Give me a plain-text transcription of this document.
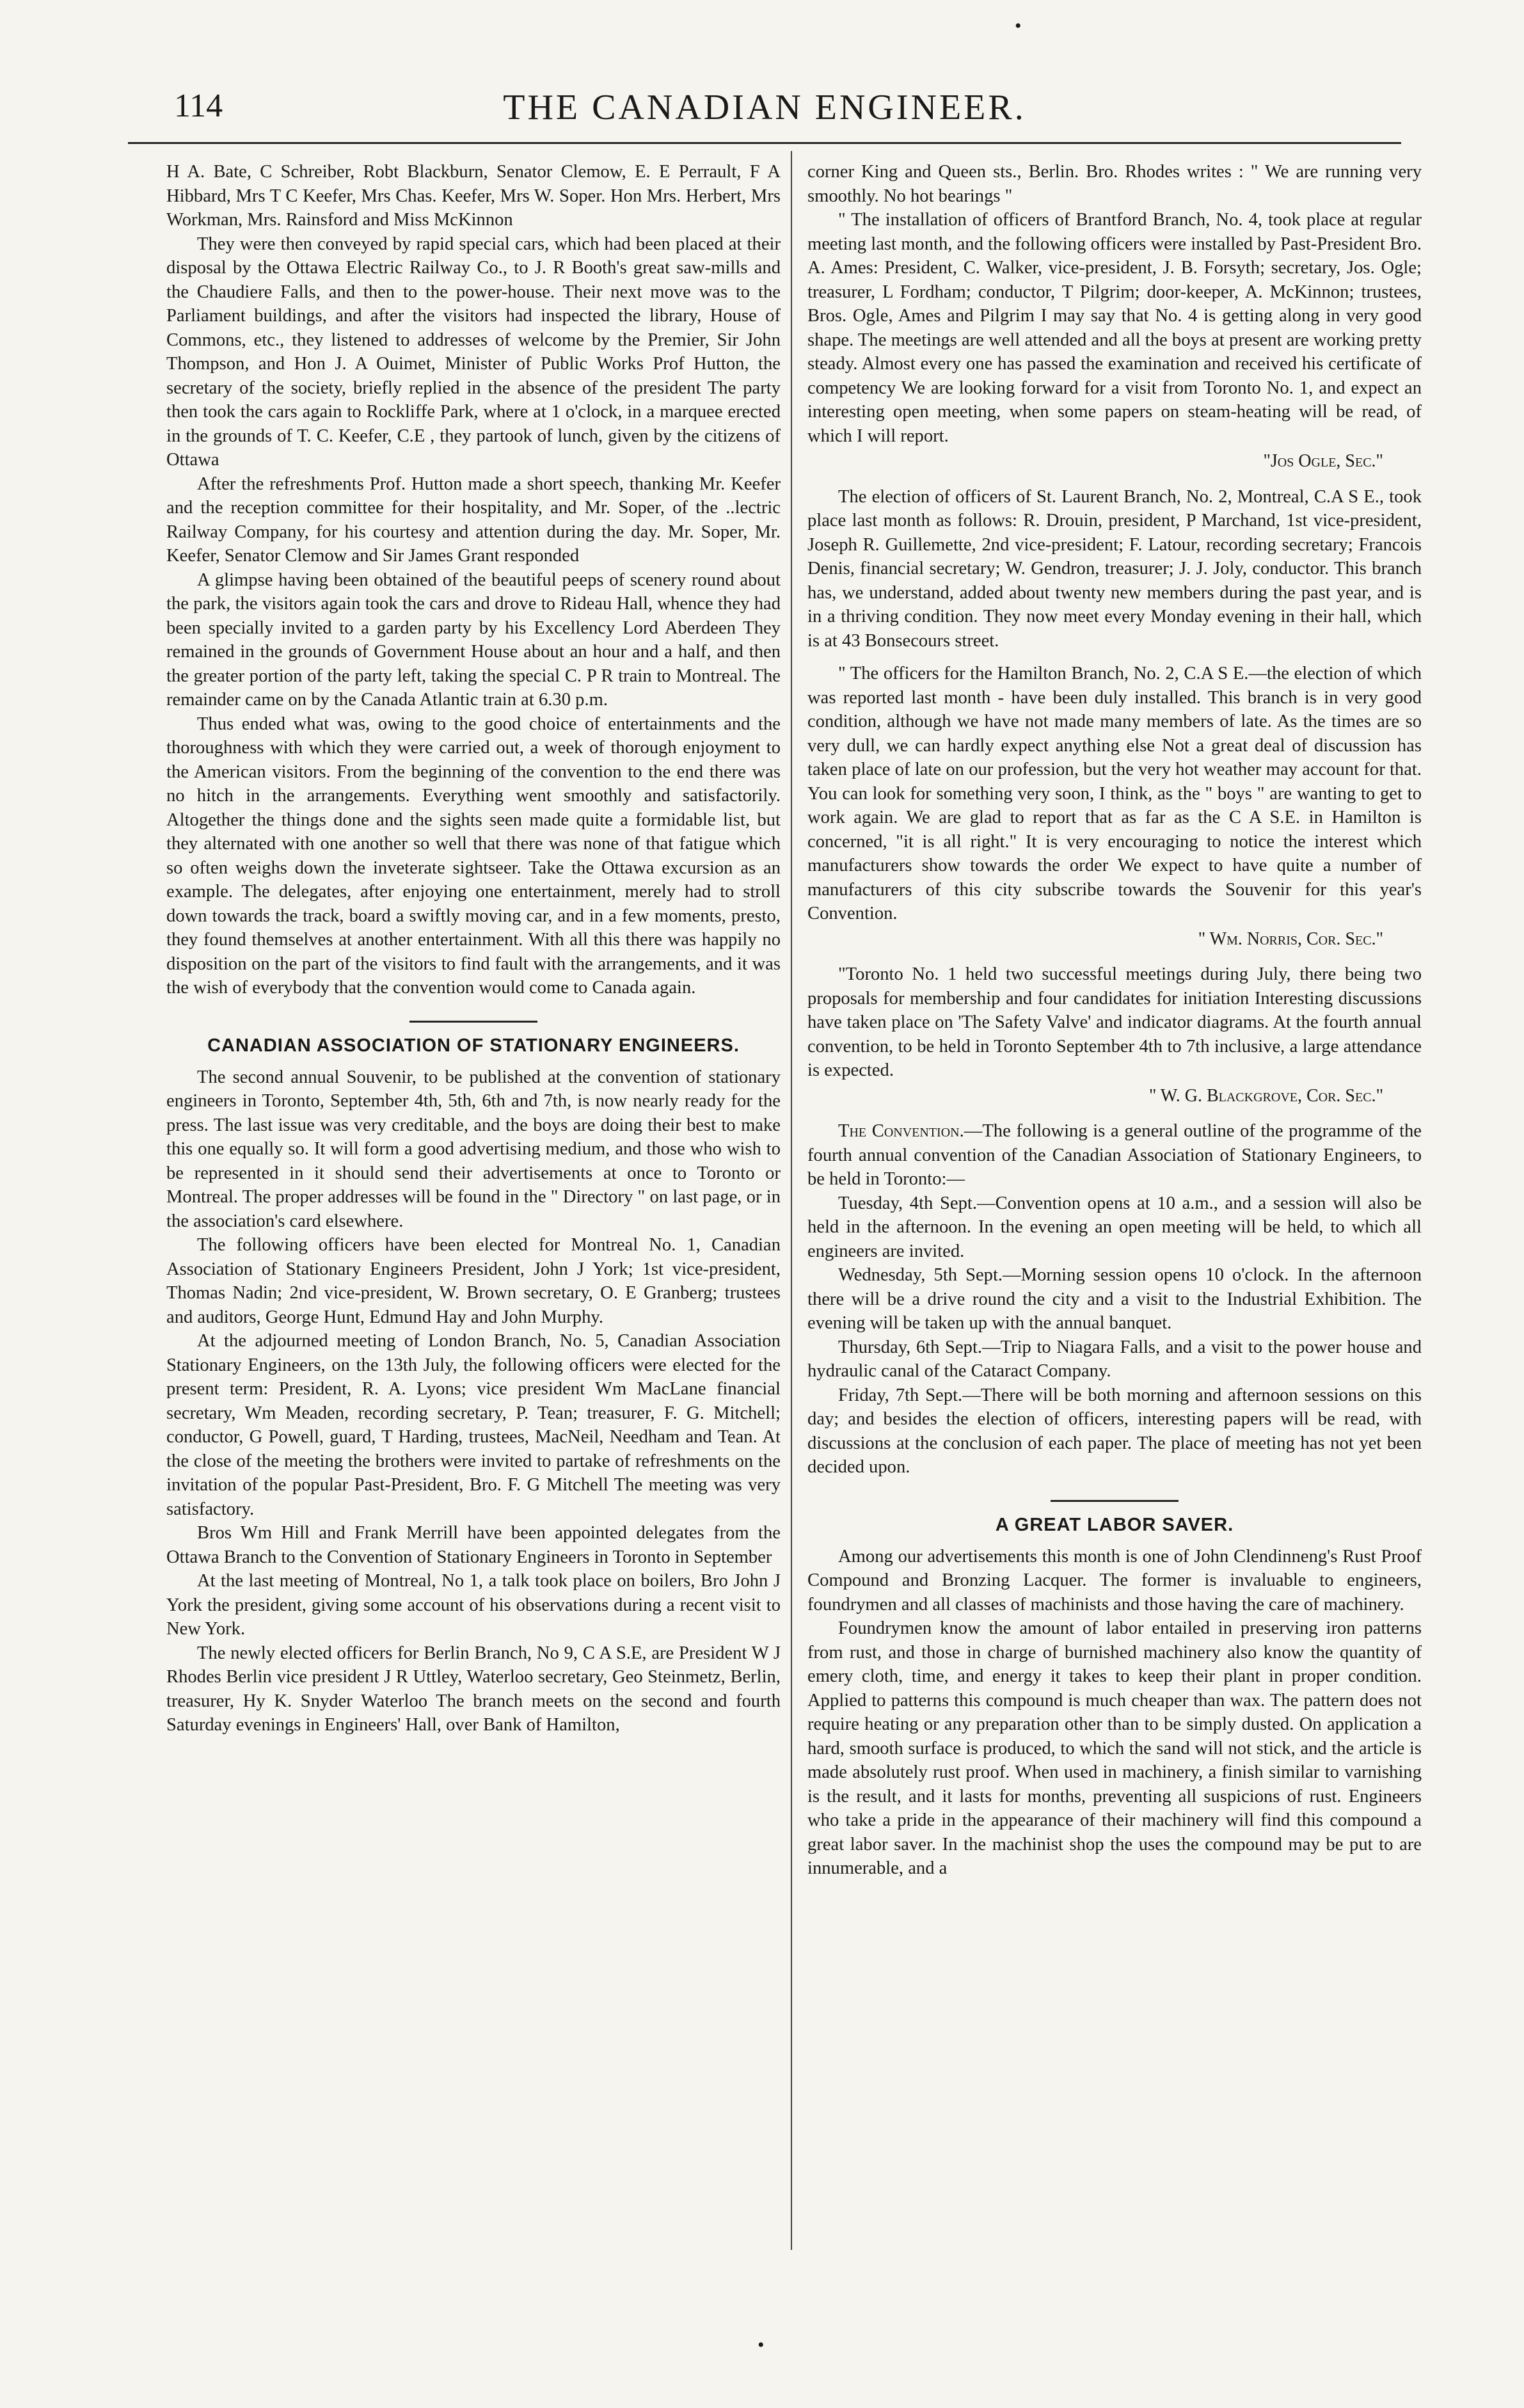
•
114	THE CANADIAN ENGINEER.

H A. Bate, C Schreiber, Robt Blackburn, Senator Clemow, E. E Perrault, F A Hibbard, Mrs T C Keefer, Mrs Chas. Keefer, Mrs W. Soper. Hon Mrs. Herbert, Mrs Workman, Mrs. Rainsford and Miss McKinnon

They were then conveyed by rapid special cars, which had been placed at their disposal by the Ottawa Electric Railway Co., to J. R Booth's great saw-mills and the Chaudiere Falls, and then to the power-house. Their next move was to the Parliament buildings, and after the visitors had inspected the library, House of Commons, etc., they listened to addresses of welcome by the Premier, Sir John Thompson, and Hon J. A Ouimet, Minister of Public Works Prof Hutton, the secretary of the society, briefly replied in the absence of the president The party then took the cars again to Rockliffe Park, where at 1 o'clock, in a marquee erected in the grounds of T. C. Keefer, C.E , they partook of lunch, given by the citizens of Ottawa

After the refreshments Prof. Hutton made a short speech, thanking Mr. Keefer and the reception committee for their hospitality, and Mr. Soper, of the ..lectric Railway Company, for his courtesy and attention during the day. Mr. Soper, Mr. Keefer, Senator Clemow and Sir James Grant responded

A glimpse having been obtained of the beautiful peeps of scenery round about the park, the visitors again took the cars and drove to Rideau Hall, whence they had been specially invited to a garden party by his Excellency Lord Aberdeen They remained in the grounds of Government House about an hour and a half, and then the greater portion of the party left, taking the special C. P R train to Montreal. The remainder came on by the Canada Atlantic train at 6.30 p.m.

Thus ended what was, owing to the good choice of entertainments and the thoroughness with which they were carried out, a week of thorough enjoyment to the American visitors. From the beginning of the convention to the end there was no hitch in the arrangements. Everything went smoothly and satisfactorily. Altogether the things done and the sights seen made quite a formidable list, but they alternated with one another so well that there was none of that fatigue which so often weighs down the inveterate sightseer. Take the Ottawa excursion as an example. The delegates, after enjoying one entertainment, merely had to stroll down towards the track, board a swiftly moving car, and in a few moments, presto, they found themselves at another entertainment. With all this there was happily no disposition on the part of the visitors to find fault with the arrangements, and it was the wish of everybody that the convention would come to Canada again.

CANADIAN ASSOCIATION OF STATIONARY ENGINEERS.

The second annual Souvenir, to be published at the convention of stationary engineers in Toronto, September 4th, 5th, 6th and 7th, is now nearly ready for the press. The last issue was very creditable, and the boys are doing their best to make this one equally so. It will form a good advertising medium, and those who wish to be represented in it should send their advertisements at once to Toronto or Montreal. The proper addresses will be found in the " Directory " on last page, or in the association's card elsewhere.

The following officers have been elected for Montreal No. 1, Canadian Association of Stationary Engineers President, John J York; 1st vice-president, Thomas Nadin; 2nd vice-president, W. Brown secretary, O. E Granberg; trustees and auditors, George Hunt, Edmund Hay and John Murphy.

At the adjourned meeting of London Branch, No. 5, Canadian Association Stationary Engineers, on the 13th July, the following officers were elected for the present term: President, R. A. Lyons; vice president Wm MacLane financial secretary, Wm Meaden, recording secretary, P. Tean; treasurer, F. G. Mitchell; conductor, G Powell, guard, T Harding, trustees, MacNeil, Needham and Tean. At the close of the meeting the brothers were invited to partake of refreshments on the invitation of the popular Past-President, Bro. F. G Mitchell The meeting was very satisfactory.

Bros Wm Hill and Frank Merrill have been appointed delegates from the Ottawa Branch to the Convention of Stationary Engineers in Toronto in September

At the last meeting of Montreal, No 1, a talk took place on boilers, Bro John J York the president, giving some account of his observations during a recent visit to New York.

The newly elected officers for Berlin Branch, No 9, C A S.E, are President W J Rhodes Berlin vice president J R Uttley, Waterloo secretary, Geo Steinmetz, Berlin, treasurer, Hy K. Snyder Waterloo The branch meets on the second and fourth Saturday evenings in Engineers' Hall, over Bank of Hamilton,

corner King and Queen sts., Berlin. Bro. Rhodes writes : " We are running very smoothly. No hot bearings "

" The installation of officers of Brantford Branch, No. 4, took place at regular meeting last month, and the following officers were installed by Past-President Bro. A. Ames: President, C. Walker, vice-president, J. B. Forsyth; secretary, Jos. Ogle; treasurer, L Fordham; conductor, T Pilgrim; door-keeper, A. McKinnon; trustees, Bros. Ogle, Ames and Pilgrim I may say that No. 4 is getting along in very good shape. The meetings are well attended and all the boys at present are working pretty steady. Almost every one has passed the examination and received his certificate of competency We are looking forward for a visit from Toronto No. 1, and expect an interesting open meeting, when some papers on steam-heating will be read, of which I will report.

"Jos Ogle, Sec."

The election of officers of St. Laurent Branch, No. 2, Montreal, C.A S E., took place last month as follows: R. Drouin, president, P Marchand, 1st vice-president, Joseph R. Guillemette, 2nd vice-president; F. Latour, recording secretary; Francois Denis, financial secretary; W. Gendron, treasurer; J. J. Joly, conductor. This branch has, we understand, added about twenty new members during the past year, and is in a thriving condition. They now meet every Monday evening in their hall, which is at 43 Bonsecours street.

" The officers for the Hamilton Branch, No. 2, C.A S E.—the election of which was reported last month - have been duly installed. This branch is in very good condition, although we have not made many members of late. As the times are so very dull, we can hardly expect anything else Not a great deal of discussion has taken place of late on our profession, but the very hot weather may account for that. You can look for something very soon, I think, as the " boys " are wanting to get to work again. We are glad to report that as far as the C A S.E. in Hamilton is concerned, "it is all right." It is very encouraging to notice the interest which manufacturers show towards the order We expect to have quite a number of manufacturers of this city subscribe towards the Souvenir for this year's Convention.

" Wm. Norris, Cor. Sec."

"Toronto No. 1 held two successful meetings during July, there being two proposals for membership and four candidates for initiation Interesting discussions have taken place on 'The Safety Valve' and indicator diagrams. At the fourth annual convention, to be held in Toronto September 4th to 7th inclusive, a large attendance is expected.

" W. G. Blackgrove, Cor. Sec."

The Convention.—The following is a general outline of the programme of the fourth annual convention of the Canadian Association of Stationary Engineers, to be held in Toronto:—

Tuesday, 4th Sept.—Convention opens at 10 a.m., and a session will also be held in the afternoon. In the evening an open meeting will be held, to which all engineers are invited.

Wednesday, 5th Sept.—Morning session opens 10 o'clock. In the afternoon there will be a drive round the city and a visit to the Industrial Exhibition. The evening will be taken up with the annual banquet.

Thursday, 6th Sept.—Trip to Niagara Falls, and a visit to the power house and hydraulic canal of the Cataract Company.

Friday, 7th Sept.—There will be both morning and afternoon sessions on this day; and besides the election of officers, interesting papers will be read, with discussions at the conclusion of each paper. The place of meeting has not yet been decided upon.

A GREAT LABOR SAVER.

Among our advertisements this month is one of John Clendinneng's Rust Proof Compound and Bronzing Lacquer. The former is invaluable to engineers, foundrymen and all classes of machinists and those having the care of machinery.

Foundrymen know the amount of labor entailed in preserving iron patterns from rust, and those in charge of burnished machinery also know the quantity of emery cloth, time, and energy it takes to keep their plant in proper condition. Applied to patterns this compound is much cheaper than wax. The pattern does not require heating or any preparation other than to be simply dusted. On application a hard, smooth surface is produced, to which the sand will not stick, and the article is made absolutely rust proof. When used in machinery, a finish similar to varnishing is the result, and it lasts for months, preventing all suspicions of rust. Engineers who take a pride in the appearance of their machinery will find this compound a great labor saver. In the machinist shop the uses the compound may be put to are innumerable, and a

•
